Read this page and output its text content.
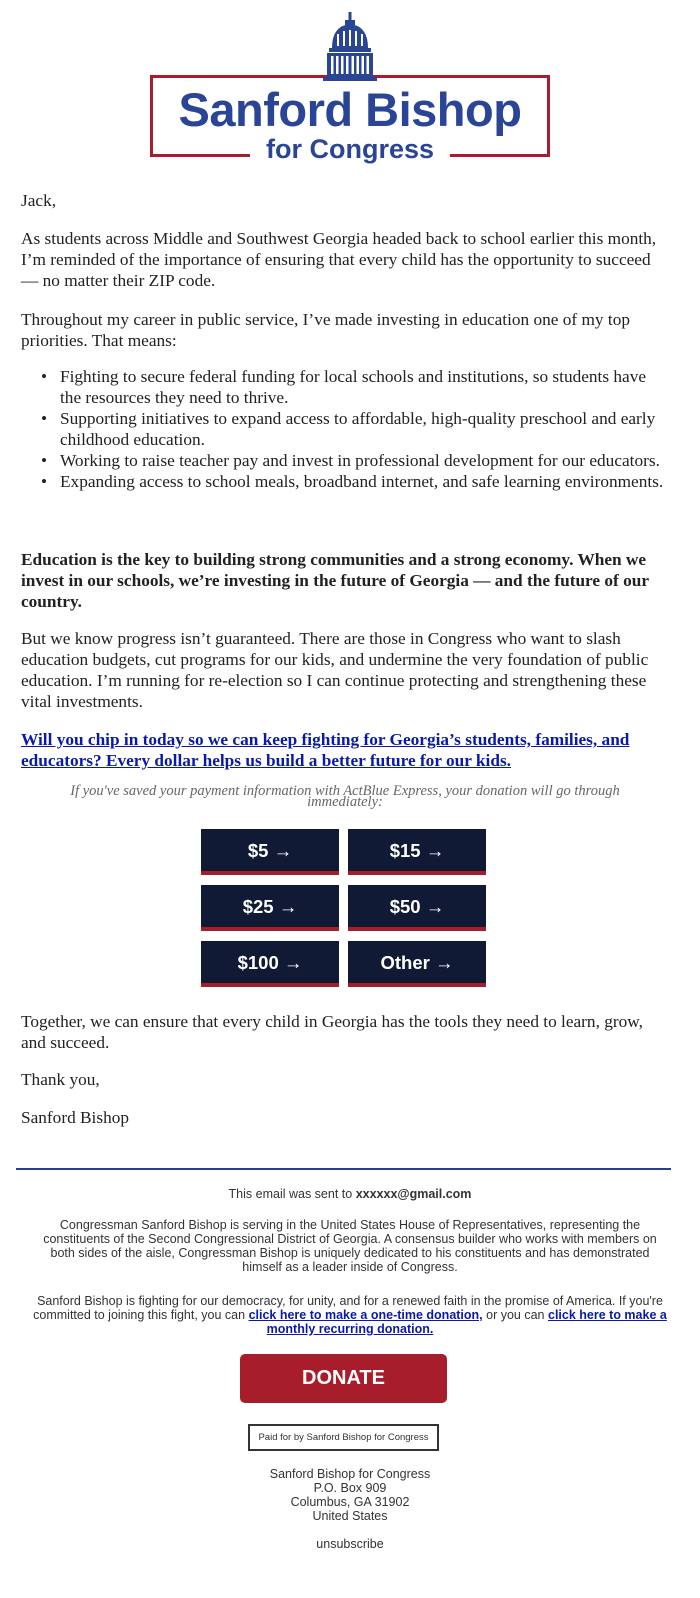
Sanford Bishop
for Congress
Jack,
As students across Middle and Southwest Georgia headed back to school earlier this month, I’m reminded of the importance of ensuring that every child has the opportunity to succeed — no matter their ZIP code.
Throughout my career in public service, I’ve made investing in education one of my top priorities. That means:
• Fighting to secure federal funding for local schools and institutions, so students have the resources they need to thrive.
• Supporting initiatives to expand access to affordable, high-quality preschool and early childhood education.
• Working to raise teacher pay and invest in professional development for our educators.
• Expanding access to school meals, broadband internet, and safe learning environments.
Education is the key to building strong communities and a strong economy. When we invest in our schools, we’re investing in the future of Georgia — and the future of our country.
But we know progress isn’t guaranteed. There are those in Congress who want to slash education budgets, cut programs for our kids, and undermine the very foundation of public education. I’m running for re-election so I can continue protecting and strengthening these vital investments.
Will you chip in today so we can keep fighting for Georgia’s students, families, and educators? Every dollar helps us build a better future for our kids.
If you've saved your payment information with ActBlue Express, your donation will go through immediately:
$5 →	$15 →
$25 →	$50 →
$100 →	Other →
Together, we can ensure that every child in Georgia has the tools they need to learn, grow, and succeed.
Thank you,
Sanford Bishop
This email was sent to xxxxxx@gmail.com
Congressman Sanford Bishop is serving in the United States House of Representatives, representing the constituents of the Second Congressional District of Georgia. A consensus builder who works with members on both sides of the aisle, Congressman Bishop is uniquely dedicated to his constituents and has demonstrated himself as a leader inside of Congress.
Sanford Bishop is fighting for our democracy, for unity, and for a renewed faith in the promise of America. If you're committed to joining this fight, you can click here to make a one-time donation, or you can click here to make a monthly recurring donation.
DONATE
Paid for by Sanford Bishop for Congress
Sanford Bishop for Congress
P.O. Box 909
Columbus, GA 31902
United States
unsubscribe
